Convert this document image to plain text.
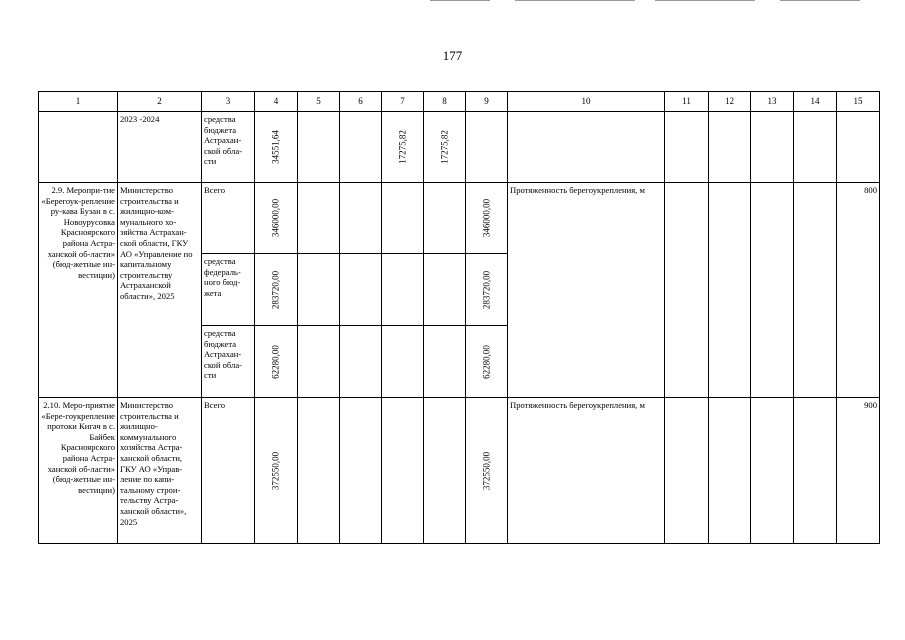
177
1	2	3	4	5	6	7	8	9	10	11	12	13	14	15
	2023 -2024	средства бюджета Астрахан-ской обла-сти	34551,64			17275,82	17275,82							

2.9. Меропри-тие «Берегоук-репление ру-кава Бузан в с. Новоурусовка Красноярского района Астра-ханской об-ласти» (бюд-жетные ин-вестиции)	Министерство строительства и жилищно-ком-мунального хо-зяйства Астрахан-ской области, ГКУ АО «Управление по капитальному строительству Астраханской области», 2025	Всего	346000,00					346000,00	Протяженность берегоукрепления, м					800
		средства федераль-ного бюд-жета	283720,00					283720,00						

		средства бюджета Астрахан-ской обла-сти	62280,00					62280,00						

2.10. Меро-приятие «Бере-гоукрепление протоки Кигач в с. Байбек Красноярского района Астра-ханской об-ласти» (бюд-жетные ин-вестиции)	Министерство строительства и жилищно-коммунального хозяйства Астра-ханской области, ГКУ АО «Управ-ление по капи-тальному строи-тельству Астра-ханской области», 2025	Всего	372550,00					372550,00	Протяженность берегоукрепления, м					900
